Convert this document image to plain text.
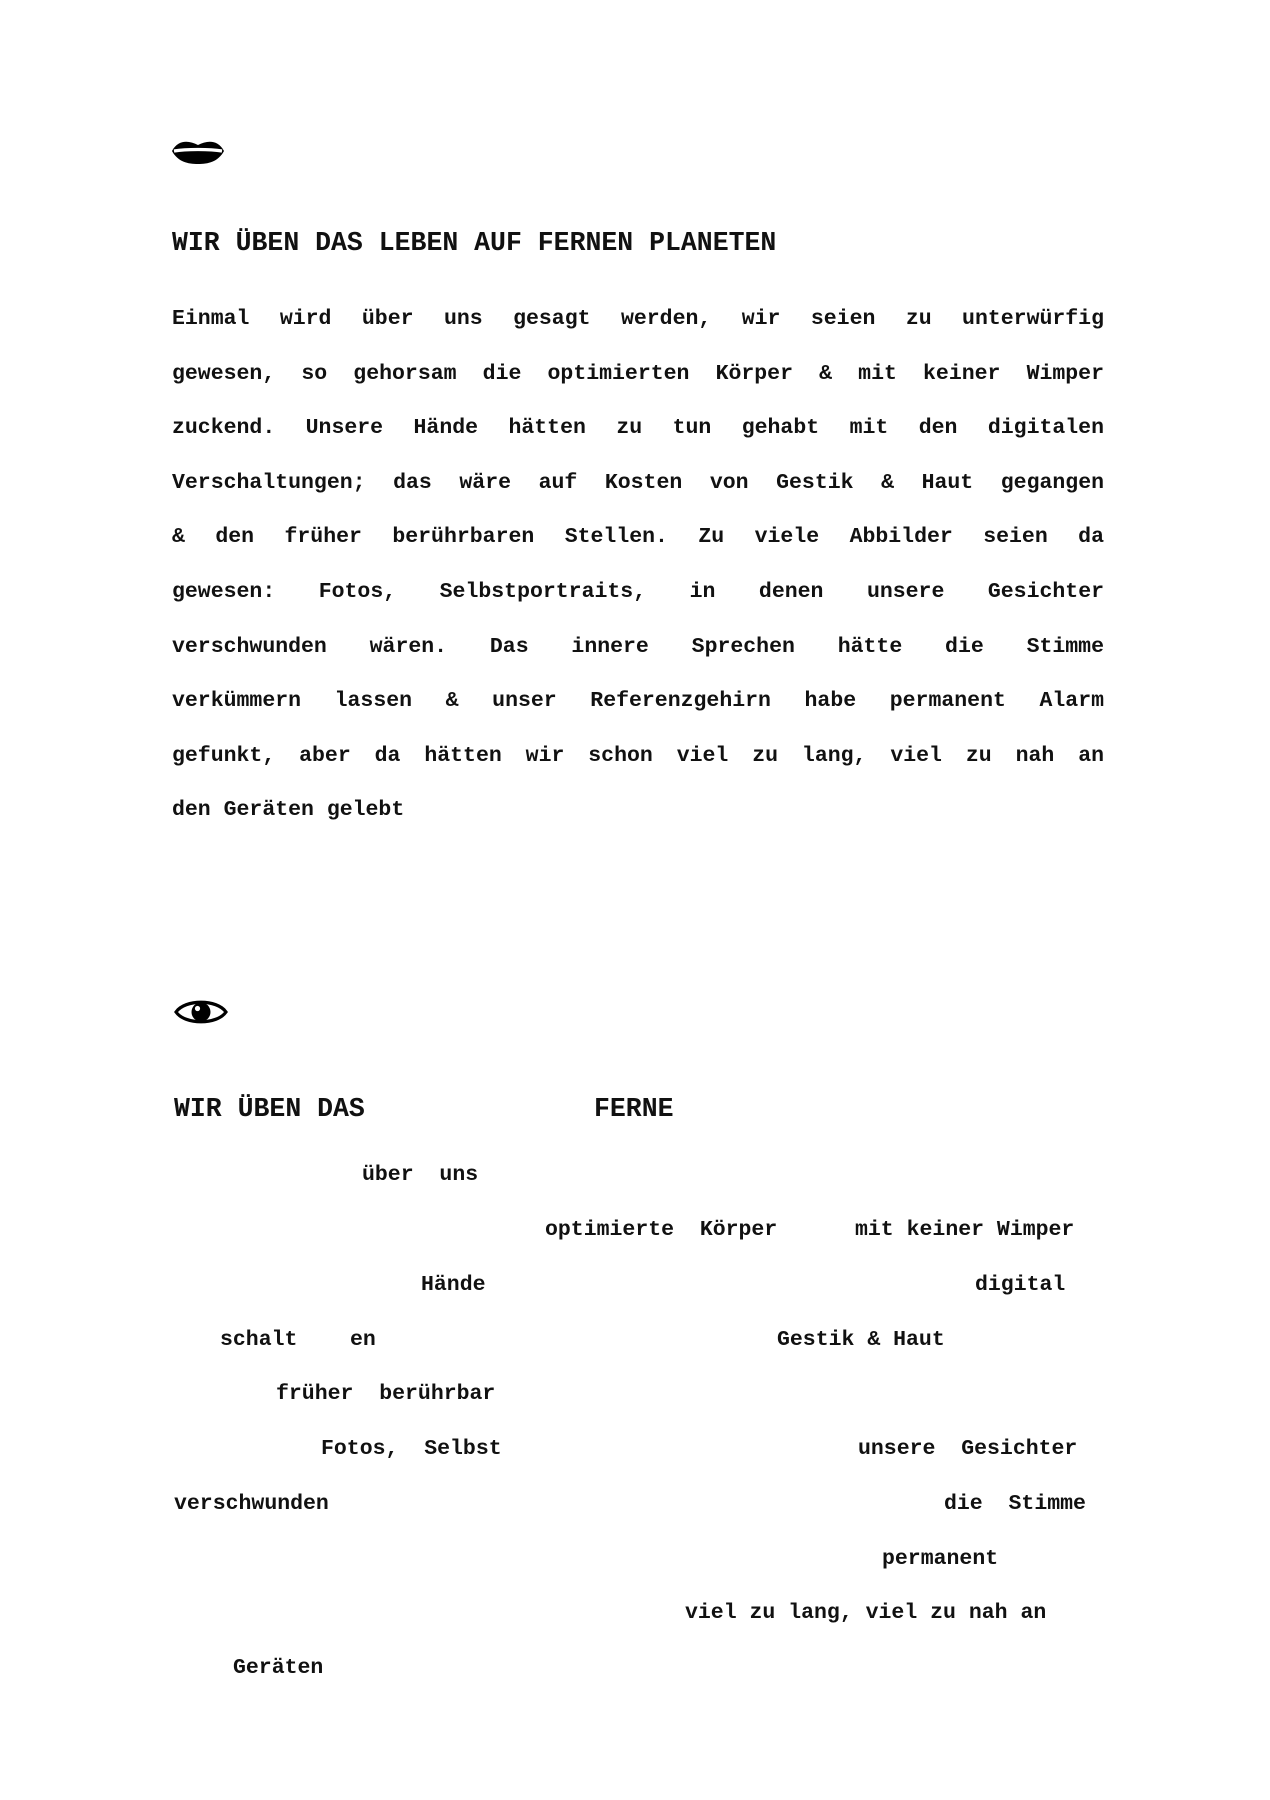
WIR ÜBEN DAS LEBEN AUF FERNEN PLANETEN
Einmal wird über uns gesagt werden, wir seien zu unterwürfig
gewesen, so gehorsam die optimierten Körper & mit keiner Wimper
zuckend. Unsere Hände hätten zu tun gehabt mit den digitalen
Verschaltungen; das wäre auf Kosten von Gestik & Haut gegangen
& den früher berührbaren Stellen. Zu viele Abbilder seien da
gewesen: Fotos, Selbstportraits, in denen unsere Gesichter
verschwunden wären. Das innere Sprechen hätte die Stimme
verkümmern lassen & unser Referenzgehirn habe permanent Alarm
gefunkt, aber da hätten wir schon viel zu lang, viel zu nah an
den Geräten gelebt
WIR ÜBEN DAS	FERNE
über  uns
optimierte  Körper	mit keiner Wimper
Hände	digital
schalt en	Gestik & Haut
früher  berührbar
Fotos,  Selbst	unsere  Gesichter
verschwunden	die  Stimme
permanent
viel zu lang, viel zu nah an
Geräten
